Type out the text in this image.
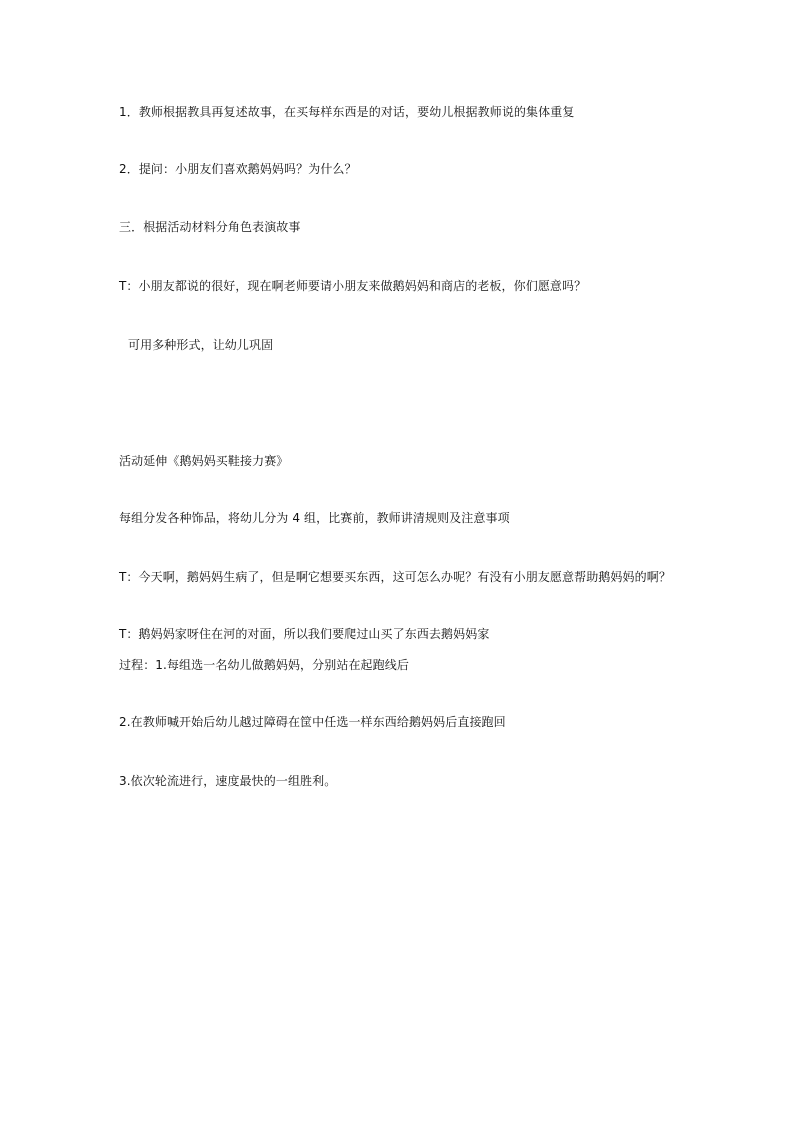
1．教师根据教具再复述故事，在买每样东西是的对话，要幼儿根据教师说的集体重复
2．提问：小朋友们喜欢鹅妈妈吗？为什么？
三．根据活动材料分角色表演故事
T：小朋友都说的很好，现在啊老师要请小朋友来做鹅妈妈和商店的老板，你们愿意吗？
可用多种形式，让幼儿巩固
活动延伸《鹅妈妈买鞋接力赛》
每组分发各种饰品，将幼儿分为 4 组，比赛前，教师讲清规则及注意事项
T：今天啊，鹅妈妈生病了，但是啊它想要买东西，这可怎么办呢？有没有小朋友愿意帮助鹅妈妈的啊？
T：鹅妈妈家呀住在河的对面，所以我们要爬过山买了东西去鹅妈妈家
过程：1.每组选一名幼儿做鹅妈妈，分别站在起跑线后
2.在教师喊开始后幼儿越过障碍在筐中任选一样东西给鹅妈妈后直接跑回
3.依次轮流进行，速度最快的一组胜利。
